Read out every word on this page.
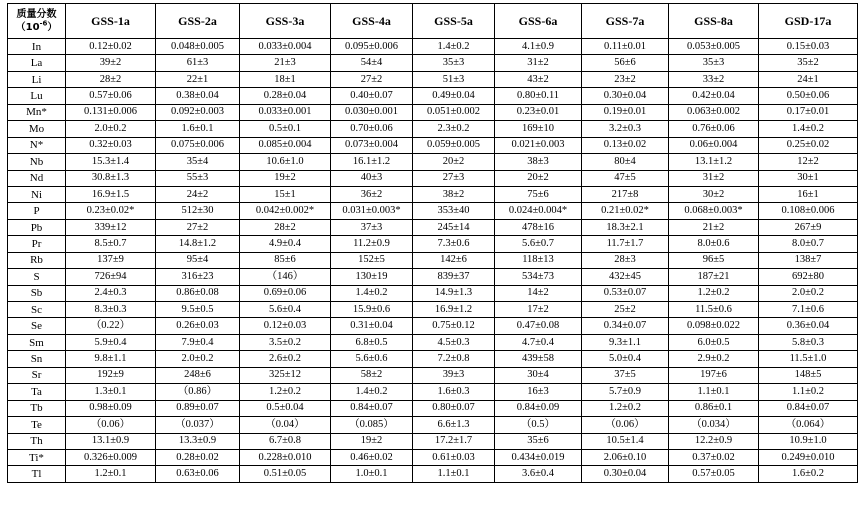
质量分数
$(10^{-6})$	GSS-1a	GSS-2a	GSS-3a	GSS-4a	GSS-5a	GSS-6a	GSS-7a	GSS-8a	GSD-17a
In	0.12±0.02	0.048±0.005	0.033±0.004	0.095±0.006	1.4±0.2	4.1±0.9	0.11±0.01	0.053±0.005	0.15±0.03
La	39±2	61±3	21±3	54±4	35±3	31±2	56±6	35±3	35±2
Li	28±2	22±1	18±1	27±2	51±3	43±2	23±2	33±2	24±1
Lu	0.57±0.06	0.38±0.04	0.28±0.04	0.40±0.07	0.49±0.04	0.80±0.11	0.30±0.04	0.42±0.04	0.50±0.06
Mn*	0.131±0.006	0.092±0.003	0.033±0.001	0.030±0.001	0.051±0.002	0.23±0.01	0.19±0.01	0.063±0.002	0.17±0.01
Mo	2.0±0.2	1.6±0.1	0.5±0.1	0.70±0.06	2.3±0.2	169±10	3.2±0.3	0.76±0.06	1.4±0.2
N*	0.32±0.03	0.075±0.006	0.085±0.004	0.073±0.004	0.059±0.005	0.021±0.003	0.13±0.02	0.06±0.004	0.25±0.02
Nb	15.3±1.4	35±4	10.6±1.0	16.1±1.2	20±2	38±3	80±4	13.1±1.2	12±2
Nd	30.8±1.3	55±3	19±2	40±3	27±3	20±2	47±5	31±2	30±1
Ni	16.9±1.5	24±2	15±1	36±2	38±2	75±6	217±8	30±2	16±1
P	0.23±0.02*	512±30	0.042±0.002*	0.031±0.003*	353±40	0.024±0.004*	0.21±0.02*	0.068±0.003*	0.108±0.006
Pb	339±12	27±2	28±2	37±3	245±14	478±16	18.3±2.1	21±2	267±9
Pr	8.5±0.7	14.8±1.2	4.9±0.4	11.2±0.9	7.3±0.6	5.6±0.7	11.7±1.7	8.0±0.6	8.0±0.7
Rb	137±9	95±4	85±6	152±5	142±6	118±13	28±3	96±5	138±7
S	726±94	316±23	（146）	130±19	839±37	534±73	432±45	187±21	692±80
Sb	2.4±0.3	0.86±0.08	0.69±0.06	1.4±0.2	14.9±1.3	14±2	0.53±0.07	1.2±0.2	2.0±0.2
Sc	8.3±0.3	9.5±0.5	5.6±0.4	15.9±0.6	16.9±1.2	17±2	25±2	11.5±0.6	7.1±0.6
Se	（0.22）	0.26±0.03	0.12±0.03	0.31±0.04	0.75±0.12	0.47±0.08	0.34±0.07	0.098±0.022	0.36±0.04
Sm	5.9±0.4	7.9±0.4	3.5±0.2	6.8±0.5	4.5±0.3	4.7±0.4	9.3±1.1	6.0±0.5	5.8±0.3
Sn	9.8±1.1	2.0±0.2	2.6±0.2	5.6±0.6	7.2±0.8	439±58	5.0±0.4	2.9±0.2	11.5±1.0
Sr	192±9	248±6	325±12	58±2	39±3	30±4	37±5	197±6	148±5
Ta	1.3±0.1	（0.86）	1.2±0.2	1.4±0.2	1.6±0.3	16±3	5.7±0.9	1.1±0.1	1.1±0.2
Tb	0.98±0.09	0.89±0.07	0.5±0.04	0.84±0.07	0.80±0.07	0.84±0.09	1.2±0.2	0.86±0.1	0.84±0.07
Te	（0.06）	（0.037）	（0.04）	（0.085）	6.6±1.3	（0.5）	（0.06）	（0.034）	（0.064）
Th	13.1±0.9	13.3±0.9	6.7±0.8	19±2	17.2±1.7	35±6	10.5±1.4	12.2±0.9	10.9±1.0
Ti*	0.326±0.009	0.28±0.02	0.228±0.010	0.46±0.02	0.61±0.03	0.434±0.019	2.06±0.10	0.37±0.02	0.249±0.010
Tl	1.2±0.1	0.63±0.06	0.51±0.05	1.0±0.1	1.1±0.1	3.6±0.4	0.30±0.04	0.57±0.05	1.6±0.2
